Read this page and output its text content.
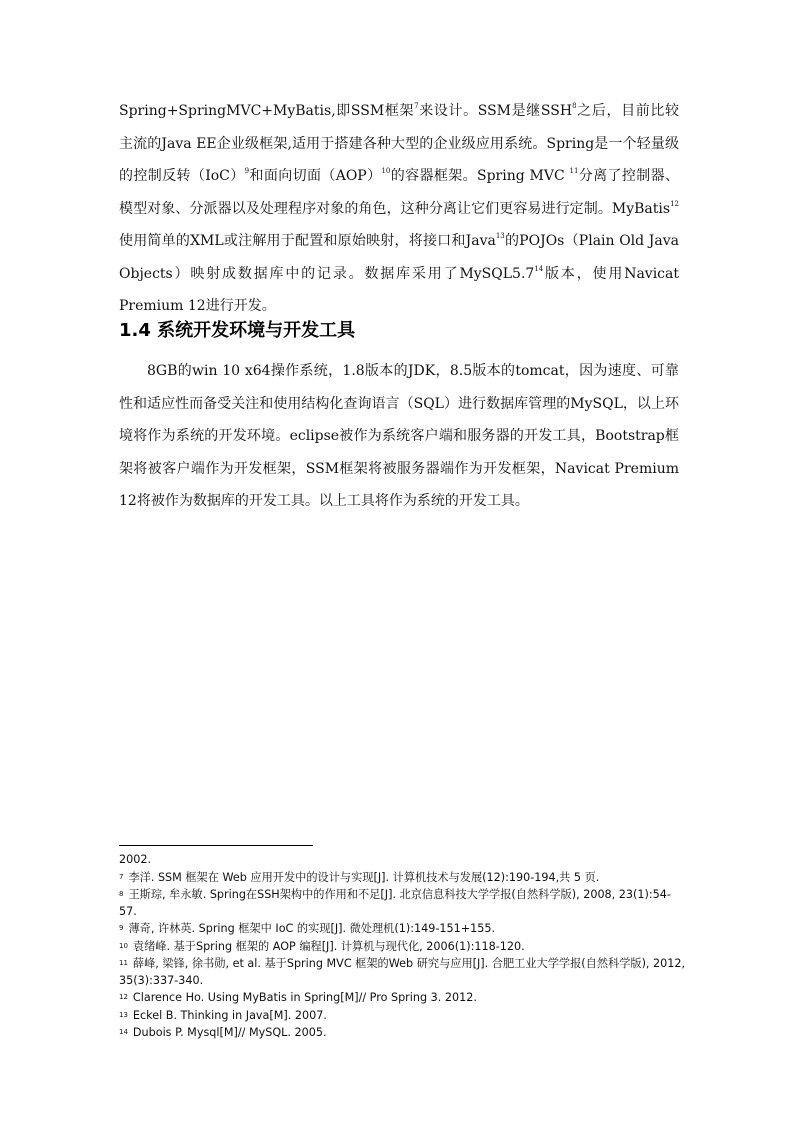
Spring+SpringMVC+MyBatis,即SSM框架$^7$来设计。SSM是继SSH$^8$之后，目前比较主流的Java EE企业级框架,适用于搭建各种大型的企业级应用系统。Spring是一个轻量级的控制反转（IoC）$^9$和面向切面（AOP）$^{10}$的容器框架。Spring MVC $^{11}$分离了控制器、模型对象、分派器以及处理程序对象的角色，这种分离让它们更容易进行定制。MyBatis$^{12}$使用简单的XML或注解用于配置和原始映射，将接口和Java$^{13}$的POJOs（Plain Old Java Objects）映射成数据库中的记录。数据库采用了$MySQL5.7^{14}$版本，使用Navicat Premium 12进行开发。

1.4 系统开发环境与开发工具

8GB的win 10 x64操作系统，1.8版本的JDK，8.5版本的tomcat，因为速度、可靠性和适应性而备受关注和使用结构化查询语言（SQL）进行数据库管理的MySQL，以上环境将作为系统的开发环境。eclipse被作为系统客户端和服务器的开发工具，Bootstrap框架将被客户端作为开发框架，SSM框架将被服务器端作为开发框架，Navicat Premium 12将被作为数据库的开发工具。以上工具将作为系统的开发工具。

2002.

7 李洋. SSM 框架在 Web 应用开发中的设计与实现[J]. 计算机技术与发展(12):190-194,共 5 页.

8 王斯琮, 牟永敏. Spring在SSH架构中的作用和不足[J]. 北京信息科技大学学报(自然科学版), 2008, 23(1):54-57.

9 薄奇, 许林英. Spring 框架中 IoC 的实现[J]. 微处理机(1):149-151+155.

10 袁绪峰. 基于Spring 框架的 AOP 编程[J]. 计算机与现代化, 2006(1):118-120.

11 薛峰, 梁锋, 徐书勋, et al. 基于Spring MVC 框架的Web 研究与应用[J]. 合肥工业大学学报(自然科学版), 2012, 35(3):337-340.

12 Clarence Ho. Using MyBatis in Spring[M]// Pro Spring 3. 2012.

13 Eckel B. Thinking in Java[M]. 2007.

14 Dubois P. Mysql[M]// MySQL. 2005.
